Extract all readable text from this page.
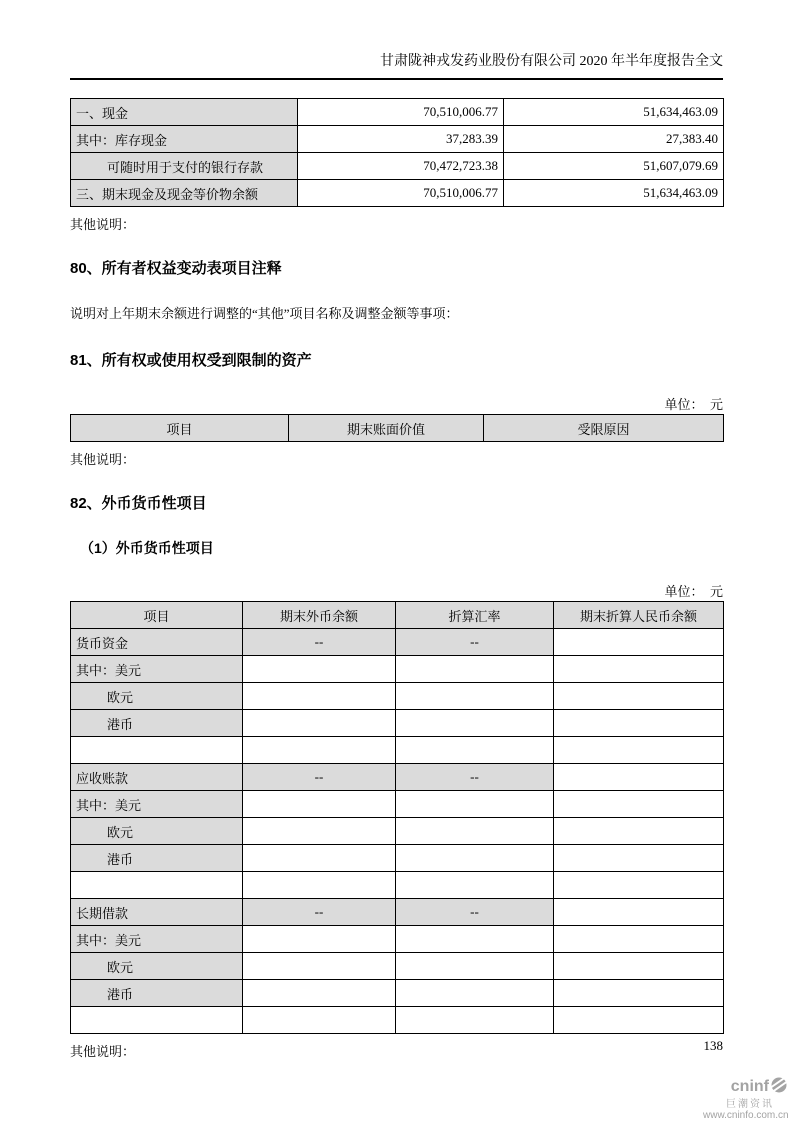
甘肃陇神戎发药业股份有限公司 2020 年半年度报告全文
一、现金	70,510,006.77	51,634,463.09
其中：库存现金	37,283.39	27,383.40
可随时用于支付的银行存款	70,472,723.38	51,607,079.69
三、期末现金及现金等价物余额	70,510,006.77	51,634,463.09
其他说明：
80、所有者权益变动表项目注释
说明对上年期末余额进行调整的“其他”项目名称及调整金额等事项：
81、所有权或使用权受到限制的资产
单位：　元
项目	期末账面价值	受限原因
其他说明：
82、外币货币性项目
（1）外币货币性项目
单位：　元
项目	期末外币余额	折算汇率	期末折算人民币余额
货币资金	--	--	
其中：美元			
欧元			
港币			

应收账款	--	--	
其中：美元			
欧元			
港币			

长期借款	--	--	
其中：美元			
欧元			
港币			

其他说明：	138
cninf
巨潮资讯
www.cninfo.com.cn
